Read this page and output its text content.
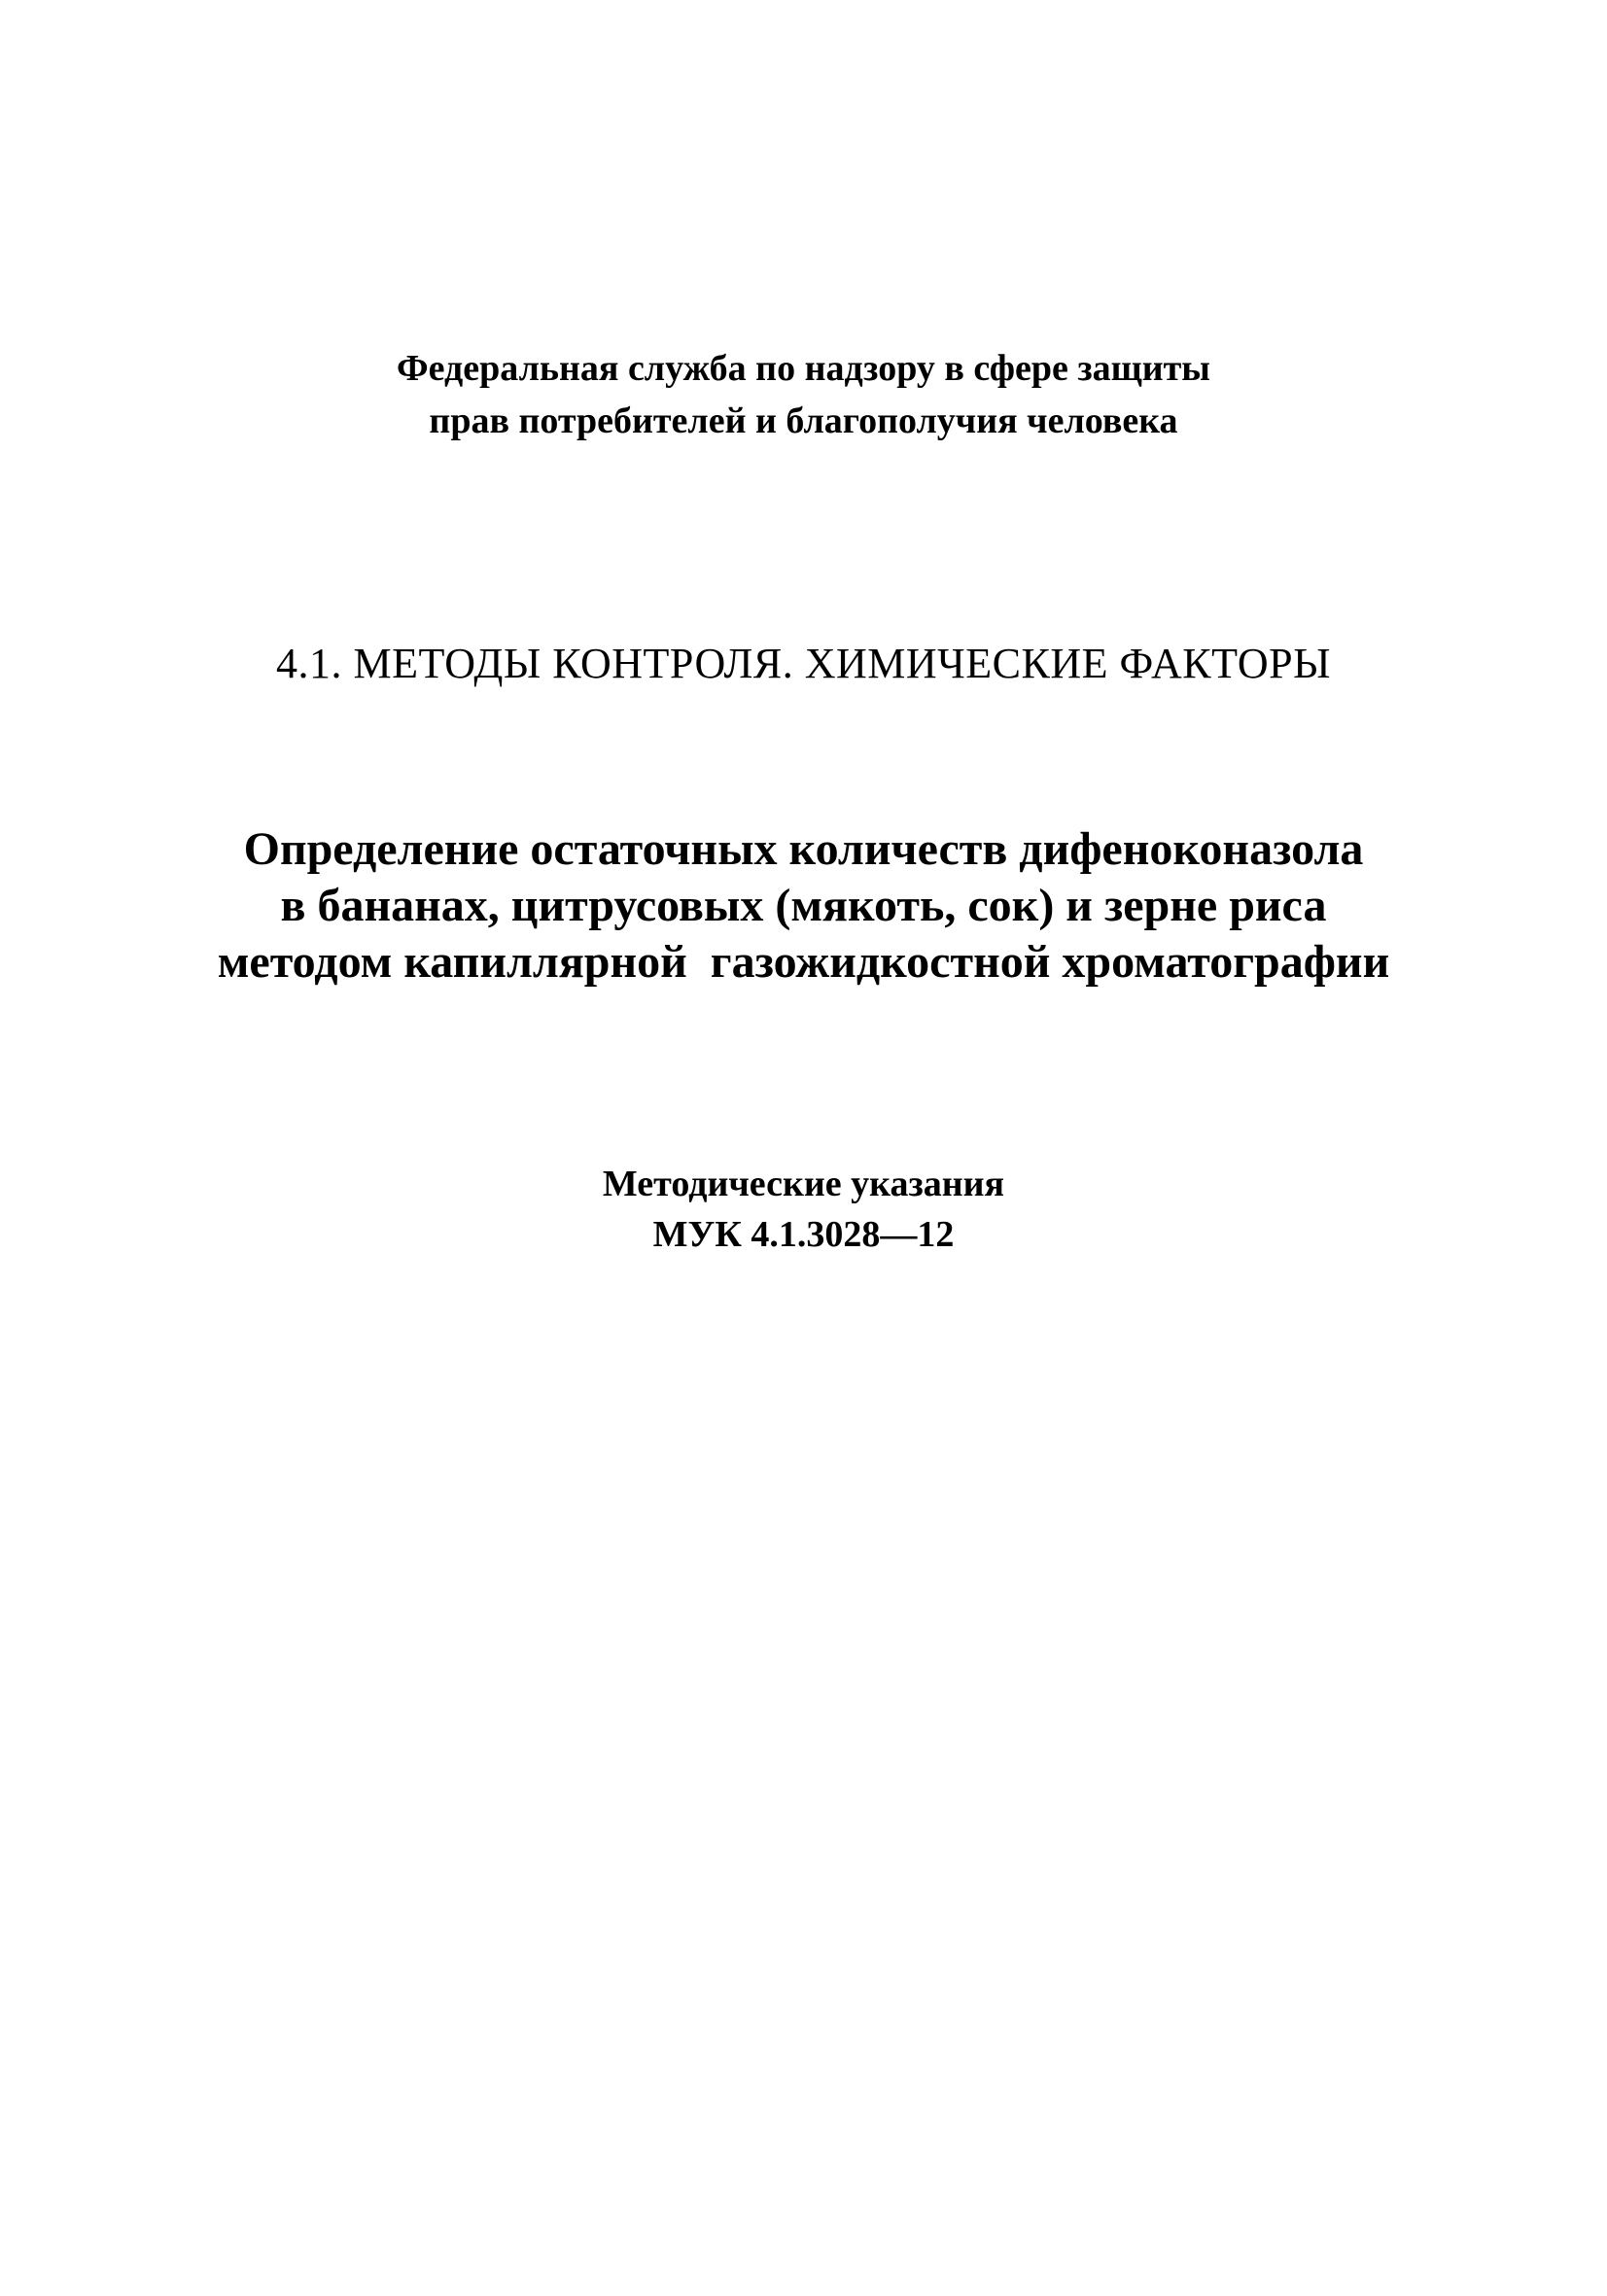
Федеральная служба по надзору в сфере защиты
прав потребителей и благополучия человека
4.1. МЕТОДЫ КОНТРОЛЯ. ХИМИЧЕСКИЕ ФАКТОРЫ
Определение остаточных количеств дифеноконазола
в бананах, цитрусовых (мякоть, сок) и зерне риса
методом капиллярной  газожидкостной хроматографии
Методические указания
МУК 4.1.3028—12
